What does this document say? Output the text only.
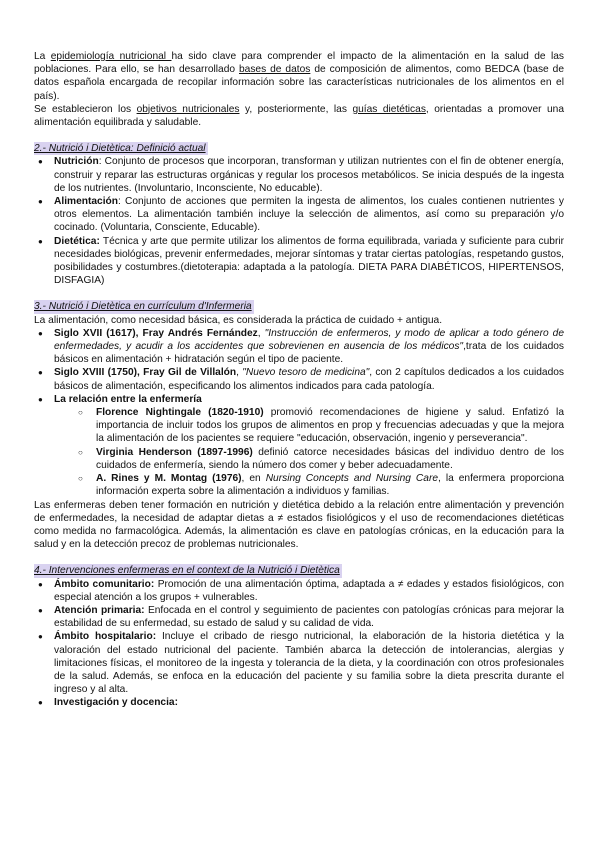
La epidemiología nutricional ha sido clave para comprender el impacto de la alimentación en la salud de las poblaciones. Para ello, se han desarrollado bases de datos de composición de alimentos, como BEDCA (base de datos española encargada de recopilar información sobre las características nutricionales de los alimentos en el país).

Se establecieron los objetivos nutricionales y, posteriormente, las guías dietéticas, orientadas a promover una alimentación equilibrada y saludable.

2.- Nutrició i Dietètica: Definició actual
● Nutrición: Conjunto de procesos que incorporan, transforman y utilizan nutrientes con el fin de obtener energía, construir y reparar las estructuras orgánicas y regular los procesos metabólicos. Se inicia después de la ingesta de los nutrientes. (Involuntario, Inconsciente, No educable).
● Alimentación: Conjunto de acciones que permiten la ingesta de alimentos, los cuales contienen nutrientes y otros elementos. La alimentación también incluye la selección de alimentos, así como su preparación y/o cocinado. (Voluntaria, Consciente, Educable).
● Dietética: Técnica y arte que permite utilizar los alimentos de forma equilibrada, variada y suficiente para cubrir necesidades biológicas, prevenir enfermedades, mejorar síntomas y tratar ciertas patologías, respetando gustos, posibilidades y costumbres.(dietoterapia: adaptada a la patología. DIETA PARA DIABÉTICOS, HIPERTENSOS, DISFAGIA)
3.- Nutrició i Dietètica en currículum d'Infermeria

La alimentación, como necesidad básica, es considerada la práctica de cuidado + antigua.

● Siglo XVII (1617), Fray Andrés Fernández, "Instrucción de enfermeros, y modo de aplicar a todo género de enfermedades, y acudir a los accidentes que sobrevienen en ausencia de los médicos",trata de los cuidados básicos en alimentación + hidratación según el tipo de paciente.
● Siglo XVIII (1750), Fray Gil de Villalón, "Nuevo tesoro de medicina", con 2 capítulos dedicados a los cuidados básicos de alimentación, especificando los alimentos indicados para cada patología.
● La relación entre la enfermería
○ Florence Nightingale (1820-1910) promovió recomendaciones de higiene y salud. Enfatizó la importancia de incluir todos los grupos de alimentos en prop y frecuencias adecuadas y que la mejora la alimentación de los pacientes se requiere "educación, observación, ingenio y perseverancia".
○ Virginia Henderson (1897-1996) definió catorce necesidades básicas del individuo dentro de los cuidados de enfermería, siendo la número dos comer y beber adecuadamente.
○ A. Rines y M. Montag (1976), en Nursing Concepts and Nursing Care, la enfermera proporciona información experta sobre la alimentación a individuos y familias.

Las enfermeras deben tener formación en nutrición y dietética debido a la relación entre alimentación y prevención de enfermedades, la necesidad de adaptar dietas a ≠ estados fisiológicos y el uso de recomendaciones dietéticas como medida no farmacológica. Además, la alimentación es clave en patologías crónicas, en la educación para la salud y en la detección precoz de problemas nutricionales.

4.- Intervenciones enfermeras en el context de la Nutrició i Dietètica
● Ámbito comunitario: Promoción de una alimentación óptima, adaptada a ≠ edades y estados fisiológicos, con especial atención a los grupos + vulnerables.
● Atención primaria: Enfocada en el control y seguimiento de pacientes con patologías crónicas para mejorar la estabilidad de su enfermedad, su estado de salud y su calidad de vida.
● Ámbito hospitalario: Incluye el cribado de riesgo nutricional, la elaboración de la historia dietética y la valoración del estado nutricional del paciente. También abarca la detección de intolerancias, alergias y limitaciones físicas, el monitoreo de la ingesta y tolerancia de la dieta, y la coordinación con otros profesionales de la salud. Además, se enfoca en la educación del paciente y su familia sobre la dieta prescrita durante el ingreso y al alta.
● Investigación y docencia:
